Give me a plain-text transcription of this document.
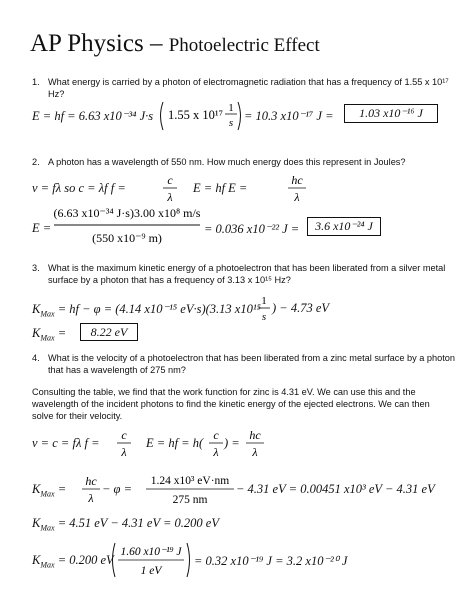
AP Physics – Photoelectric Effect
1. What energy is carried by a photon of electromagnetic radiation that has a frequency of 1.55 x 10¹⁷ Hz?
E = hf = 6.63 x10⁻³⁴ J·s 1.55 x 10¹⁷ 1
s = 10.3 x10⁻¹⁷ J =	1.03 x10⁻¹⁶ J
2. A photon has a wavelength of 550 nm. How much energy does this represent in Joules?
v = fλ so c = λf f =
c
λ
E = hf E =
hc
λ
E =
(6.63 x10⁻³⁴ J·s)3.00 x10⁸ m/s
(550 x10⁻⁹ m)
= 0.036 x10⁻²² J =	3.6 x10⁻²⁴ J
3. What is the maximum kinetic energy of a photoelectron that has been liberated from a silver metal surface by a photon that has a frequency of 3.13 x 10¹⁵ Hz?
$K_{Max}$ = hf − φ = (4.14 x10⁻¹⁵ eV·s)(3.13 x10¹⁵
1
s
) − 4.73 eV
$K_{Max}$ =	8.22 eV
4. What is the velocity of a photoelectron that has been liberated from a zinc metal surface by a photon that has a wavelength of 275 nm?
Consulting the table, we find that the work function for zinc is 4.31 eV. We can use this and the wavelength of the incident photons to find the kinetic energy of the ejected electrons. We can then solve for their velocity.
v = c = fλ f =
c
λ
E = hf = h(
c
λ
) =
hc
λ
$K_{Max}$ =
hc
λ
− φ =
1.24 x10³ eV·nm
275 nm
− 4.31 eV = 0.00451 x10³ eV − 4.31 eV
$K_{Max} = 4.51$ eV − 4.31 eV = 0.200 eV
$K_{Max} = 0.200$ eV
1.60 x10⁻¹⁹ J
1 eV
= 0.32 x10⁻¹⁹ J = 3.2 x10⁻²⁰ J
